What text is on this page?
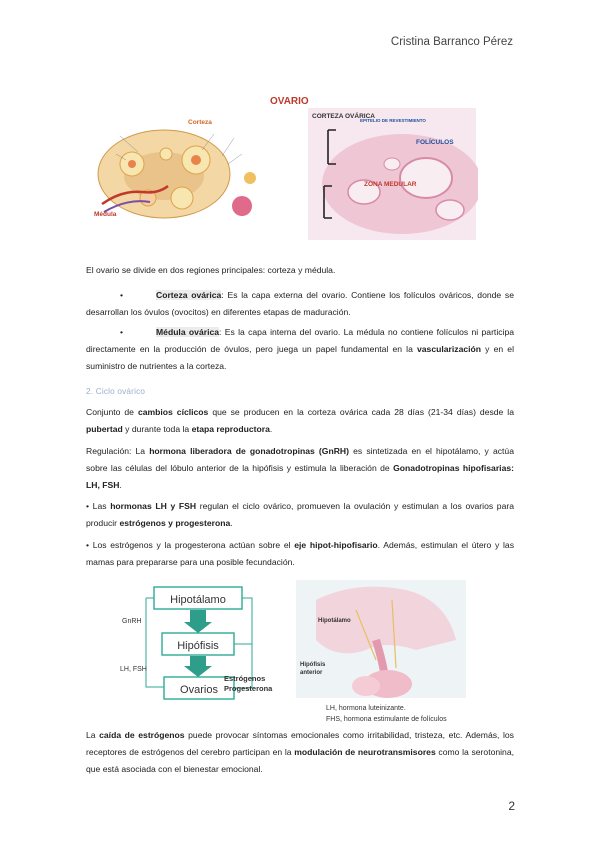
Cristina Barranco Pérez
OVARIO
Corteza
Médula
CORTEZA OVÁRICA
EPITELIO DE REVESTIMIENTO
FOLÍCULOS
ZONA MEDULAR
El ovario se divide en dos regiones principales: corteza y médula.
•	Corteza ovárica: Es la capa externa del ovario. Contiene los folículos ováricos, donde se desarrollan los óvulos (ovocitos) en diferentes etapas de maduración.
•	Médula ovárica: Es la capa interna del ovario. La médula no contiene folículos ni participa directamente en la producción de óvulos, pero juega un papel fundamental en la vascularización y en el suministro de nutrientes a la corteza.
2. Ciclo ovárico
Conjunto de cambios cíclicos que se producen en la corteza ovárica cada 28 días (21-34 días) desde la pubertad y durante toda la etapa reproductora.
Regulación: La hormona liberadora de gonadotropinas (GnRH) es sintetizada en el hipotálamo, y actúa sobre las células del lóbulo anterior de la hipófisis y estimula la liberación de Gonadotropinas hipofisarias: LH, FSH.
• Las hormonas LH y FSH regulan el ciclo ovárico, promueven la ovulación y estimulan a los ovarios para producir estrógenos y progesterona.
• Los estrógenos y la progesterona actúan sobre el eje hipot-hipofisario. Además, estimulan el útero y las mamas para prepararse para una posible fecundación.
Hipotálamo
Hipófisis
Ovarios
GnRH
LH, FSH
Estrógenos
Progesterona
Hipotálamo
Hipófisis
anterior
LH, hormona luteinizante.
FHS, hormona estimulante de folículos
La caída de estrógenos puede provocar síntomas emocionales como irritabilidad, tristeza, etc. Además, los receptores de estrógenos del cerebro participan en la modulación de neurotransmisores como la serotonina, que está asociada con el bienestar emocional.
2
